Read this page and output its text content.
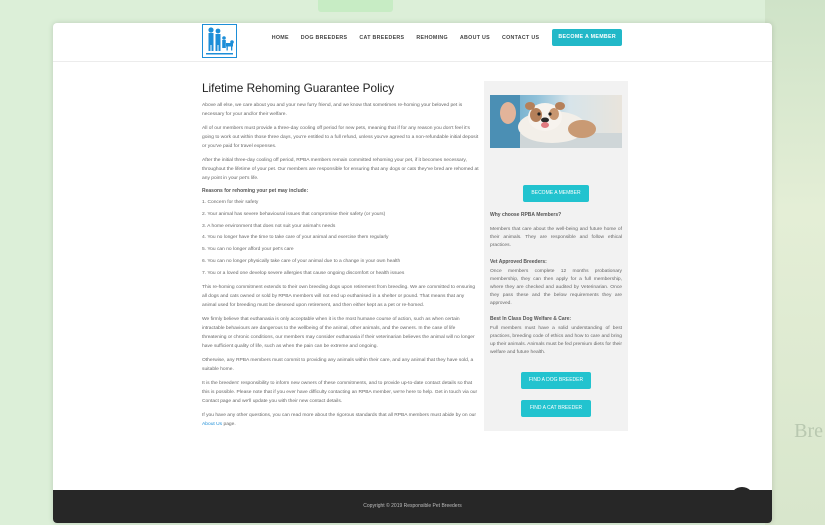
Bre
HOME DOG BREEDERS CAT BREEDERS REHOMING ABOUT US CONTACT US	BECOME A MEMBER
Lifetime Rehoming Guarantee Policy

Above all else, we care about you and your new furry friend, and we know that sometimes re-homing your beloved pet is necessary for your and/or their welfare.

All of our members must provide a three-day cooling off period for new pets, meaning that if for any reason you don't feel it's going to work out within those three days, you're entitled to a full refund, unless you've agreed to a non-refundable initial deposit or you've paid for travel expenses.

After the initial three-day cooling off period, RPBA members remain committed rehoming your pet, if it becomes necessary, throughout the lifetime of your pet. Our members are responsible for ensuring that any dogs or cats they've bred are rehomed at any point in your pet's life.

Reasons for rehoming your pet may include:

1. Concern for their safety
2. Your animal has severe behavioural issues that compromise their safety (or yours)
3. A home environment that does not suit your animal's needs
4. You no longer have the time to take care of your animal and exercise them regularly
5. You can no longer afford your pet's care
6. You can no longer physically take care of your animal due to a change in your own health
7. You or a loved one develop severe allergies that cause ongoing discomfort or health issues

This re-homing commitment extends to their own breeding dogs upon retirement from breeding. We are committed to ensuring all dogs and cats owned or sold by RPBA members will not end up euthanised in a shelter or pound. That means that any animal used for breeding must be desexed upon retirement, and then either kept as a pet or re-homed.

We firmly believe that euthanasia is only acceptable when it is the most humane course of action, such as when certain intractable behaviours are dangerous to the wellbeing of the animal, other animals, and the owners. In the case of life threatening or chronic conditions, our members may consider euthanasia if their veterinarian believes the animal will no longer have sufficient quality of life, such as when the pain can be extreme and ongoing.

Otherwise, any RPBA members must commit to providing any animals within their care, and any animal that they have sold, a suitable home.

It is the breeders' responsibility to inform new owners of these commitments, and to provide up-to-date contact details so that this is possible. Please note that if you ever have difficulty contacting an RPBA member, we're here to help. Get in touch via our Contact page and we'll update you with their new contact details.

If you have any other questions, you can read more about the rigorous standards that all RPBA members must abide by on our About Us page.

BECOME A MEMBER

Why choose RPBA Members?

Members that care about the well-being and future home of their animals. They are responsible and follow ethical practices.

Vet Approved Breeders:

Once members complete 12 months probationary membership, they can then apply for a full membership, where they are checked and audited by Veterinarian. Once they pass these and the below requirements they are approved.

Best In Class Dog Welfare & Care:

Full members must have a solid understanding of best practices, breeding code of ethics and how to care and bring up their animals. Animals must be fed premium diets for their welfare and future health.

FIND A DOG BREEDER
FIND A CAT BREEDER
Copyright © 2019 Responsible Pet Breeders
